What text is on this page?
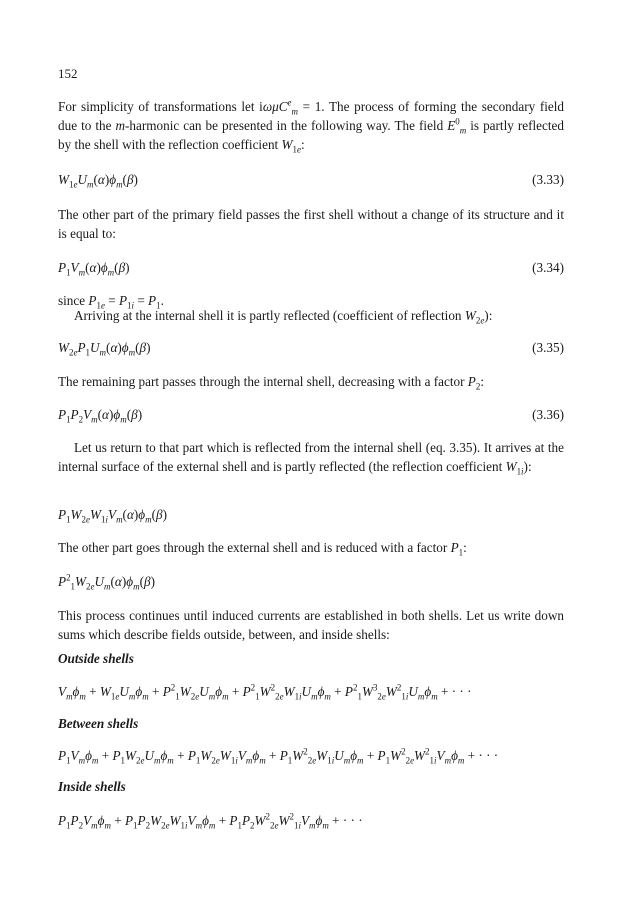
152
For simplicity of transformations let iωμC$^e_m$ = 1. The process of forming the secondary field due to the m-harmonic can be presented in the following way. The field $E^0_m$ is partly reflected by the shell with the reflection coefficient $W_{1e}$:
$W_{1e}U_m(\alpha)\phi_m(\beta)$	(3.33)
The other part of the primary field passes the first shell without a change of its structure and it is equal to:
$P_1V_m(\alpha)\phi_m(\beta)$	(3.34)
since $P_{1e} = P_{1i} = P_1$.
Arriving at the internal shell it is partly reflected (coefficient of reflection $W_{2e}$):
$W_{2e}P_1U_m(\alpha)\phi_m(\beta)$	(3.35)
The remaining part passes through the internal shell, decreasing with a factor $P_2$:
$P_1P_2V_m(\alpha)\phi_m(\beta)$	(3.36)
Let us return to that part which is reflected from the internal shell (eq. 3.35). It arrives at the internal surface of the external shell and is partly reflected (the reflection coefficient $W_{1i}$):
$P_1W_{2e}W_{1i}V_m(\alpha)\phi_m(\beta)$
The other part goes through the external shell and is reduced with a factor $P_1$:
$P^2_1W_{2e}U_m(\alpha)\phi_m(\beta)$
This process continues until induced currents are established in both shells. Let us write down sums which describe fields outside, between, and inside shells:
Outside shells
$V_m\phi_m + W_{1e}U_m\phi_m + P^2_1W_{2e}U_m\phi_m + P^2_1W^2_{2e}W_{1i}U_m\phi_m + P^2_1W^3_{2e}W^2_{1i}U_m\phi_m$ + · · ·
Between shells
$P_1V_m\phi_m + P_1W_{2e}U_m\phi_m + P_1W_{2e}W_{1i}V_m\phi_m + P_1W^2_{2e}W_{1i}U_m\phi_m + P_1W^2_{2e}W^2_{1i}V_m\phi_m$ + · · ·
Inside shells
$P_1P_2V_m\phi_m + P_1P_2W_{2e}W_{1i}V_m\phi_m + P_1P_2W^2_{2e}W^2_{1i}V_m\phi_m$ + · · ·
